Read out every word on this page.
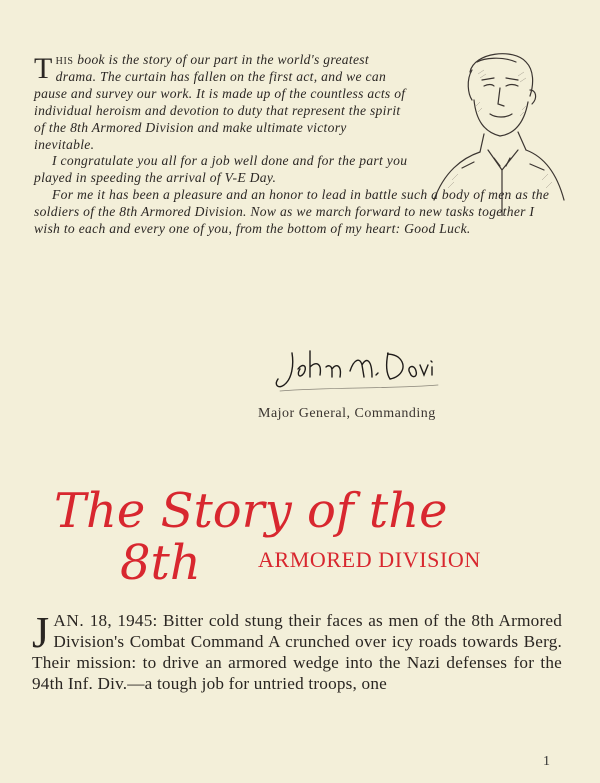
This book is the story of our part in the world's greatest drama. The curtain has fallen on the first act, and we can pause and survey our work. It is made up of the countless acts of individual heroism and devotion to duty that represent the spirit of the 8th Armored Division and make ultimate victory inevitable.

I congratulate you all for a job well done and for the part you played in speeding the arrival of V-E Day.

For me it has been a pleasure and an honor to lead in battle such a body of men as the soldiers of the 8th Armored Division. Now as we march forward to new tasks together I wish to each and every one of you, from the bottom of my heart: Good Luck.

Major General, Commanding
The Story of the
8th	ARMORED DIVISION
JAN. 18, 1945: Bitter cold stung their faces as men of the 8th Armored Division's Combat Command A crunched over icy roads towards Berg. Their mission: to drive an armored wedge into the Nazi defenses for the 94th Inf. Div.—a tough job for untried troops, one
1
